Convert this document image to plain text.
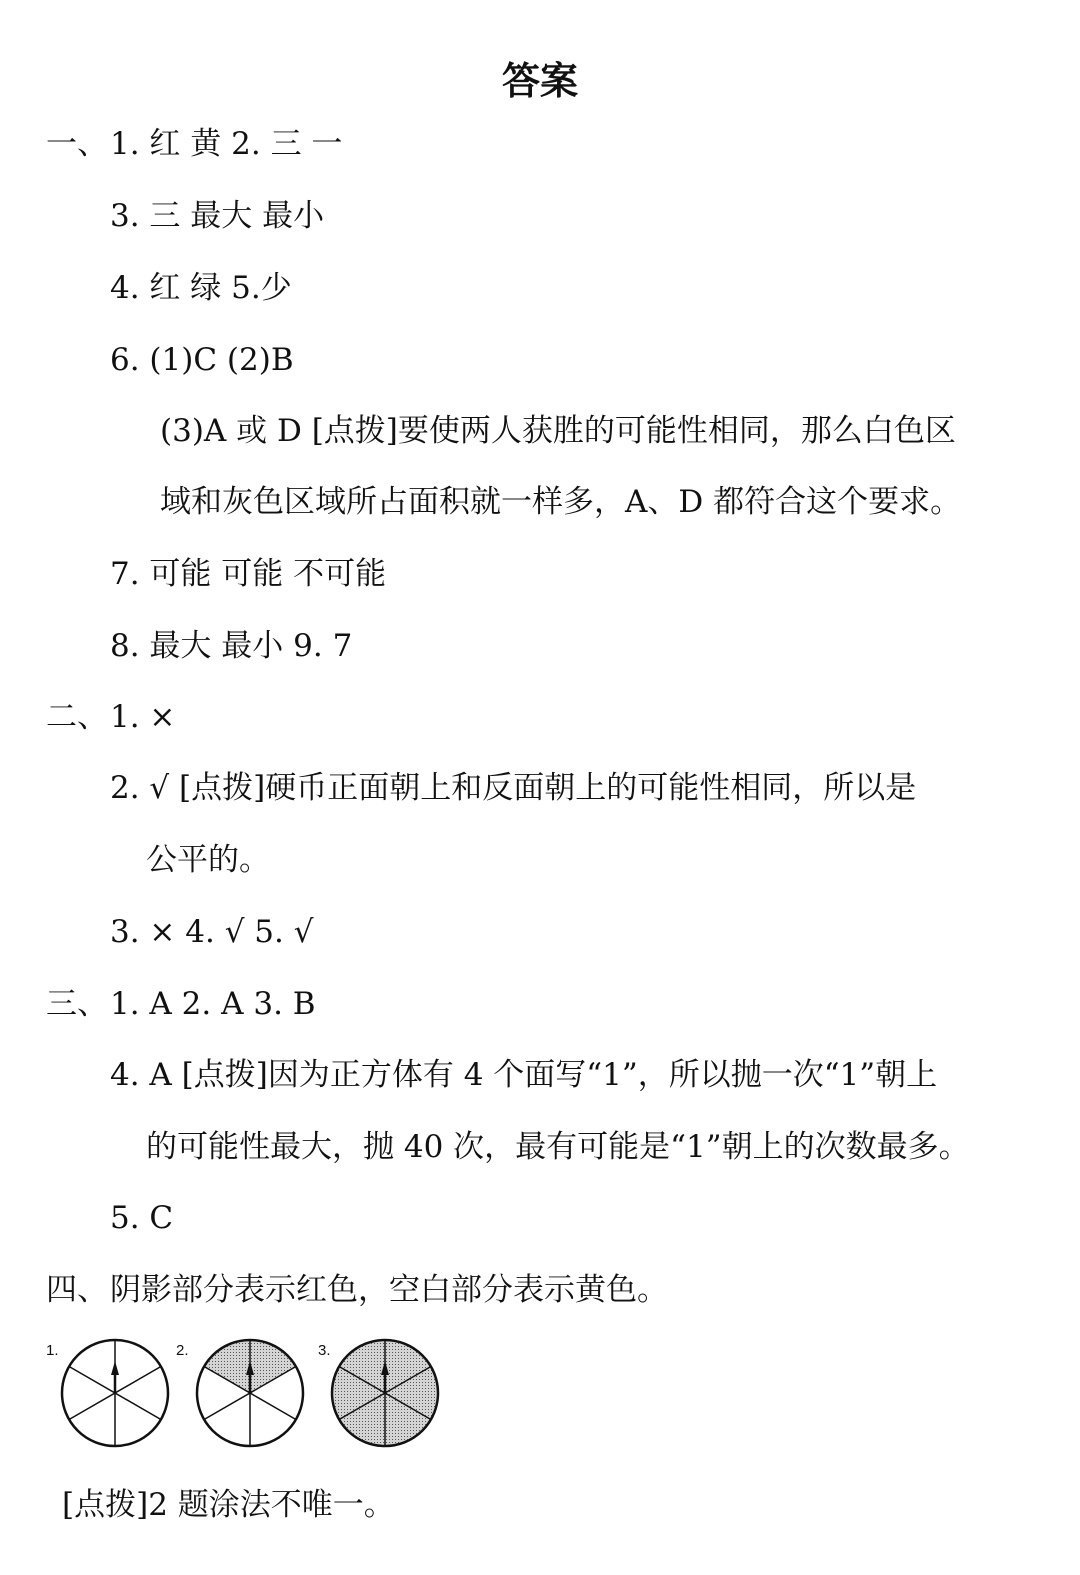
答案
一、 1. 红 黄 2. 三 一
3. 三 最大 最小
4. 红 绿 5.少
6. (1)C (2)B
(3)A 或 D [点拨]要使两人获胜的可能性相同，那么白色区
域和灰色区域所占面积就一样多，A、D 都符合这个要求。
7. 可能 可能 不可能
8. 最大 最小 9. 7
二、 1. ×
2. √ [点拨]硬币正面朝上和反面朝上的可能性相同，所以是
公平的。
3. × 4. √ 5. √
三、 1. A 2. A 3. B
4. A [点拨]因为正方体有 4 个面写“1”，所以抛一次“1”朝上
的可能性最大，抛 40 次，最有可能是“1”朝上的次数最多。
5. C
四、 阴影部分表示红色，空白部分表示黄色。
1.	2.	3.
[点拨]2 题涂法不唯一。
